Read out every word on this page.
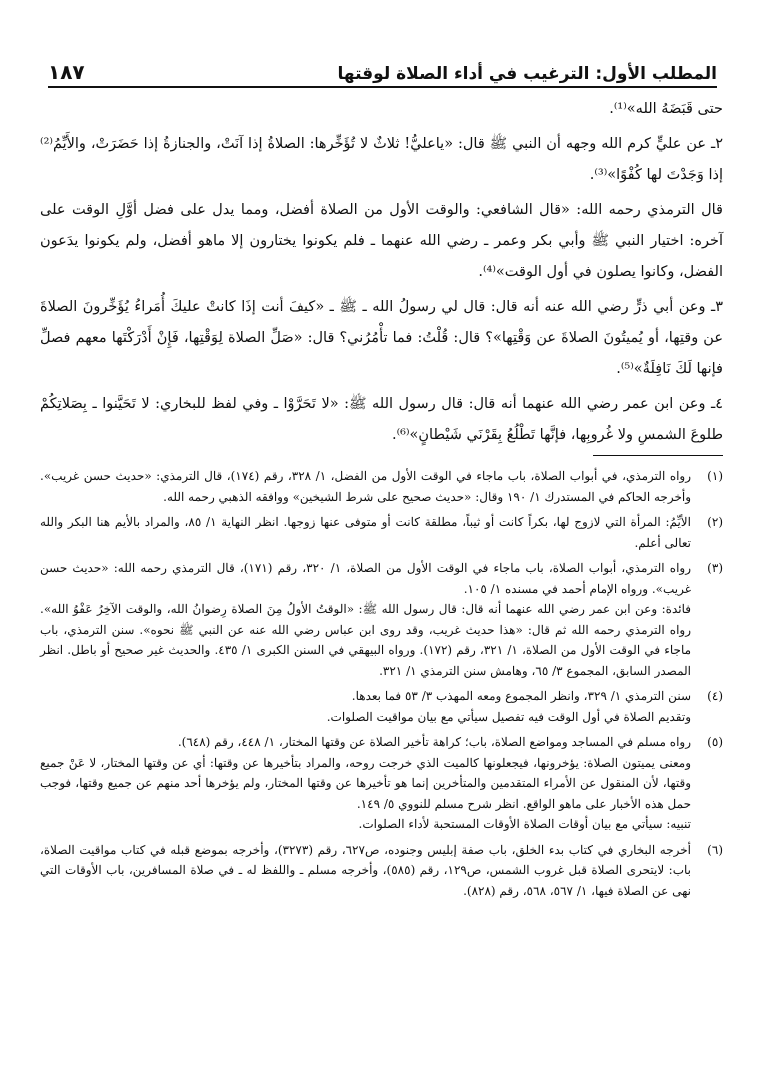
المطلب الأول: الترغيب في أداء الصلاة لوقتها
١٨٧

حتى قَبَضَهُ الله»⁽¹⁾.

٢ـ عن عليٍّ كرم الله وجهه أن النبي ﷺ قال: «ياعليُّ! ثلاثٌ لا تُؤَخِّرها: الصلاةُ إذا آنَتْ، والجنازةُ إذا حَضَرَتْ، والأَيِّمُ⁽²⁾ إذا وَجَدْتَ لها كُفْوًا»⁽³⁾.

قال الترمذي رحمه الله: «قال الشافعي: والوقت الأول من الصلاة أفضل، ومما يدل على فضل أوَّلِ الوقت على آخره: اختيار النبي ﷺ وأبي بكر وعمر ـ رضي الله عنهما ـ فلم يكونوا يختارون إلا ماهو أفضل، ولم يكونوا يدَعون الفضل، وكانوا يصلون في أول الوقت»⁽⁴⁾.

٣ـ وعن أبي ذرٍّ رضي الله عنه أنه قال: قال لي رسولُ الله ـ ﷺ ـ «كيفَ أنت إذَا كانتْ عليكَ أُمَراءُ يُؤَخِّرونَ الصلاةَ عن وقتِها، أو يُميتُونَ الصلاةَ عن وَقْتِها»؟ قال: قُلْتُ: فما تأْمُرُني؟ قال: «صَلِّ الصلاة لِوَقْتِها، فَإِنْ أَدْرَكْتَها معهم فصلِّ فإنها لَكَ نَافِلَةٌ»⁽⁵⁾.

٤ـ وعن ابن عمر رضي الله عنهما أنه قال: قال رسول الله ﷺ: «لا تَحَرَّوْا ـ وفي لفظ للبخاري: لا تَحَيَّنوا ـ بِصَلاتِكُمْ طلوعَ الشمسِ ولا غُروبِها، فإنَّها تَطْلُعُ بِقَرْنَي شَيْطانٍ»⁽⁶⁾.

(١)

رواه الترمذي، في أبواب الصلاة، باب ماجاء في الوقت الأول من الفضل، ١/ ٣٢٨، رقم (١٧٤)، قال الترمذي: «حديث حسن غريب». وأخرجه الحاكم في المستدرك ١/ ١٩٠ وقال: «حديث صحيح على شرط الشيخين» ووافقه الذهبي رحمه الله.

(٢)

الأيِّمُ: المرأة التي لازوج لها، بكراً كانت أو ثيباً، مطلقة كانت أو متوفى عنها زوجها. انظر النهاية ١/ ٨٥، والمراد بالأيم هنا البكر والله تعالى أعلم.

(٣)

رواه الترمذي، أبواب الصلاة، باب ماجاء في الوقت الأول من الصلاة، ١/ ٣٢٠، رقم (١٧١)، قال الترمذي رحمه الله: «حديث حسن غريب». ورواه الإمام أحمد في مسنده ١/ ١٠٥.

فائدة: وعن ابن عمر رضي الله عنهما أنه قال: قال رسول الله ﷺ: «الوقتُ الأولُ مِنَ الصلاة رِضوانُ الله، والوقت الآخِرُ عَفْوُ الله». رواه الترمذي رحمه الله ثم قال: «هذا حديث غريب، وقد روى ابن عباس رضي الله عنه عن النبي ﷺ نحوه». سنن الترمذي، باب ماجاء في الوقت الأول من الصلاة، ١/ ٣٢١، رقم (١٧٢). ورواه البيهقي في السنن الكبرى ١/ ٤٣٥. والحديث غير صحيح أو باطل. انظر المصدر السابق، المجموع ٣/ ٦٥، وهامش سنن الترمذي ١/ ٣٢١.

(٤)

سنن الترمذي ١/ ٣٢٩، وانظر المجموع ومعه المهذب ٣/ ٥٣ فما بعدها.

وتقديم الصلاة في أول الوقت فيه تفصيل سيأتي مع بيان مواقيت الصلوات.

(٥)

رواه مسلم في المساجد ومواضع الصلاة، باب؛ كراهة تأخير الصلاة عن وقتها المختار، ١/ ٤٤٨، رقم (٦٤٨).

ومعنى يميتون الصلاة: يؤخرونها، فيجعلونها كالميت الذي خرجت روحه، والمراد بتأخيرها عن وقتها: أي عن وقتها المختار، لا عَنْ جميع وقتها، لأن المنقول عن الأمراء المتقدمين والمتأخرين إنما هو تأخيرها عن وقتها المختار، ولم يؤخرها أحد منهم عن جميع وقتها، فوجب حمل هذه الأخبار على ماهو الواقع. انظر شرح مسلم للنووي ٥/ ١٤٩.

تنبيه: سيأتي مع بيان أوقات الصلاة الأوقات المستحبة لأداء الصلوات.

(٦)

أخرجه البخاري في كتاب بدء الخلق، باب صفة إبليس وجنوده، ص٦٢٧، رقم (٣٢٧٣)، وأخرجه بموضع قبله في كتاب مواقيت الصلاة، باب: لايتحرى الصلاة قبل غروب الشمس، ص١٢٩، رقم (٥٨٥)، وأخرجه مسلم ـ واللفظ له ـ في صلاة المسافرين، باب الأوقات التي نهى عن الصلاة فيها، ١/ ٥٦٧، ٥٦٨، رقم (٨٢٨).
